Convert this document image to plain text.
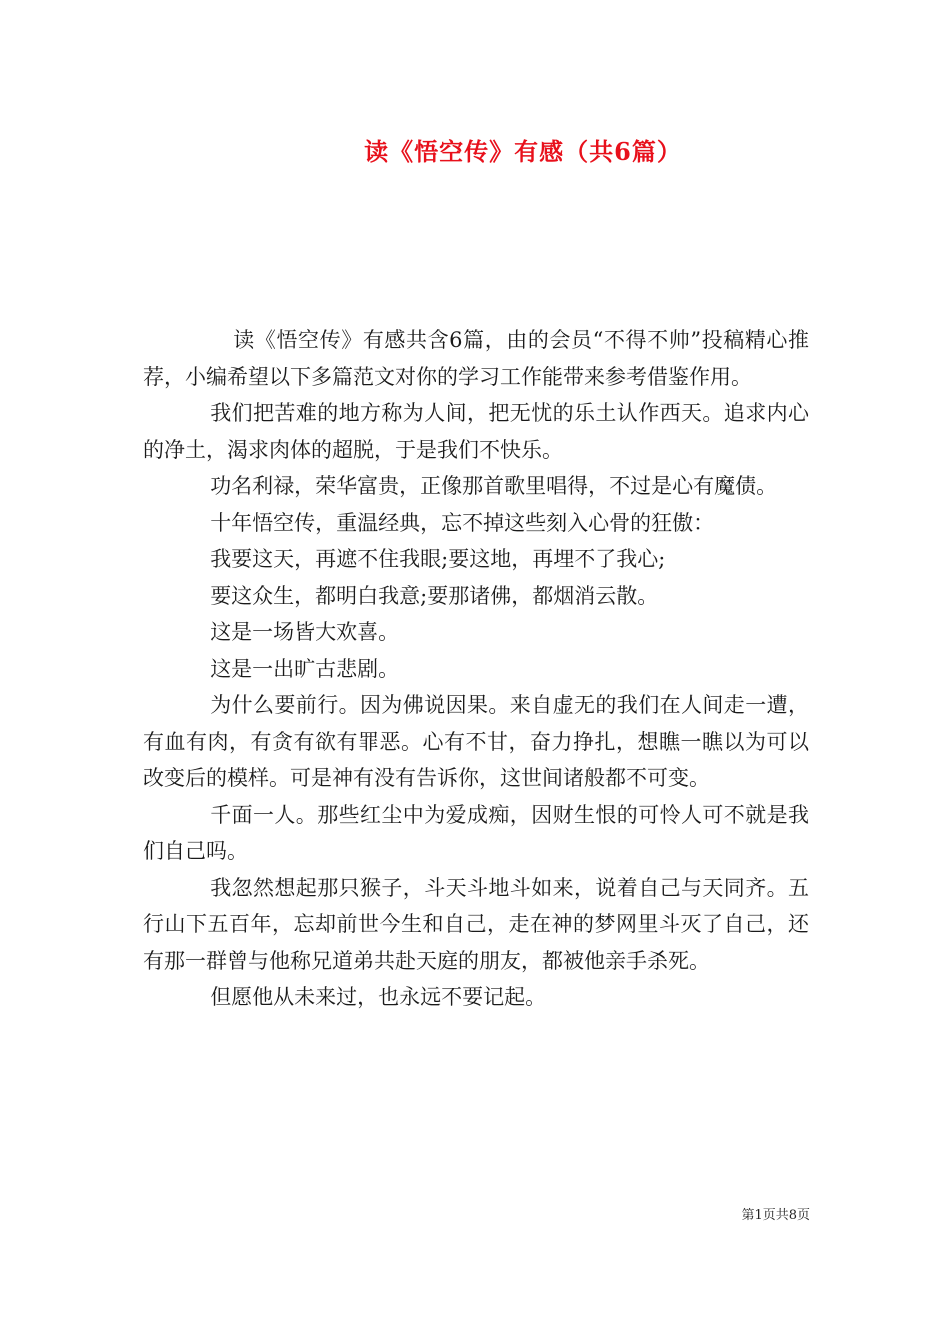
读《悟空传》有感（共6篇）

读《悟空传》有感共含6篇，由的会员“不得不帅”投稿精心推荐，小编希望以下多篇范文对你的学习工作能带来参考借鉴作用。

我们把苦难的地方称为人间，把无忧的乐土认作西天。追求内心的净土，渴求肉体的超脱，于是我们不快乐。

功名利禄，荣华富贵，正像那首歌里唱得，不过是心有魔债。

十年悟空传，重温经典，忘不掉这些刻入心骨的狂傲：

我要这天，再遮不住我眼;要这地，再埋不了我心;

要这众生，都明白我意;要那诸佛，都烟消云散。

这是一场皆大欢喜。

这是一出旷古悲剧。

为什么要前行。因为佛说因果。来自虚无的我们在人间走一遭，有血有肉，有贪有欲有罪恶。心有不甘，奋力挣扎，想瞧一瞧以为可以改变后的模样。可是神有没有告诉你，这世间诸般都不可变。

千面一人。那些红尘中为爱成痴，因财生恨的可怜人可不就是我们自己吗。

我忽然想起那只猴子，斗天斗地斗如来，说着自己与天同齐。五行山下五百年，忘却前世今生和自己，走在神的梦网里斗灭了自己，还有那一群曾与他称兄道弟共赴天庭的朋友，都被他亲手杀死。

但愿他从未来过，也永远不要记起。

第1页共8页
